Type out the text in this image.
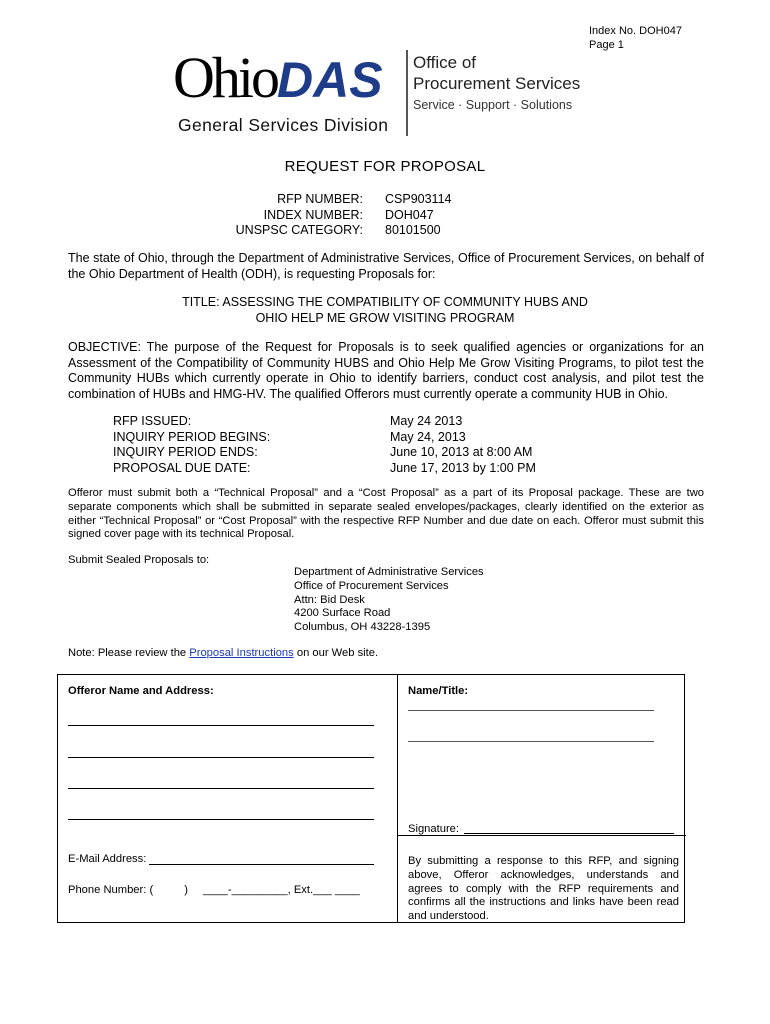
Index No. DOH047
Page 1
OhioDAS
General Services Division
Office of
Procurement Services
Service · Support · Solutions
REQUEST FOR PROPOSAL
RFP NUMBER:
INDEX NUMBER:
UNSPSC CATEGORY:
CSP903114
DOH047
80101500
The state of Ohio, through the Department of Administrative Services, Office of Procurement Services, on behalf of the Ohio Department of Health (ODH), is requesting Proposals for:
TITLE: ASSESSING THE COMPATIBILITY OF COMMUNITY HUBS AND
OHIO HELP ME GROW VISITING PROGRAM
OBJECTIVE: The purpose of the Request for Proposals is to seek qualified agencies or organizations for an Assessment of the Compatibility of Community HUBS and Ohio Help Me Grow Visiting Programs, to pilot test the Community HUBs which currently operate in Ohio to identify barriers, conduct cost analysis, and pilot test the combination of HUBs and HMG-HV. The qualified Offerors must currently operate a community HUB in Ohio.
RFP ISSUED:
INQUIRY PERIOD BEGINS:
INQUIRY PERIOD ENDS:
PROPOSAL DUE DATE:
May 24 2013
May 24, 2013
June 10, 2013 at 8:00 AM
June 17, 2013 by 1:00 PM
Offeror must submit both a “Technical Proposal” and a “Cost Proposal” as a part of its Proposal package. These are two separate components which shall be submitted in separate sealed envelopes/packages, clearly identified on the exterior as either “Technical Proposal” or “Cost Proposal” with the respective RFP Number and due date on each. Offeror must submit this signed cover page with its technical Proposal.
Submit Sealed Proposals to:
Department of Administrative Services
Office of Procurement Services
Attn: Bid Desk
4200 Surface Road
Columbus, OH 43228-1395
Note: Please review the Proposal Instructions on our Web site.
Offeror Name and Address:	Name/Title:
Signature:
E-Mail Address:
Phone Number: (          ) ____-_________, Ext.___ ____
By submitting a response to this RFP, and signing above, Offeror acknowledges, understands and agrees to comply with the RFP requirements and confirms all the instructions and links have been read and understood.
